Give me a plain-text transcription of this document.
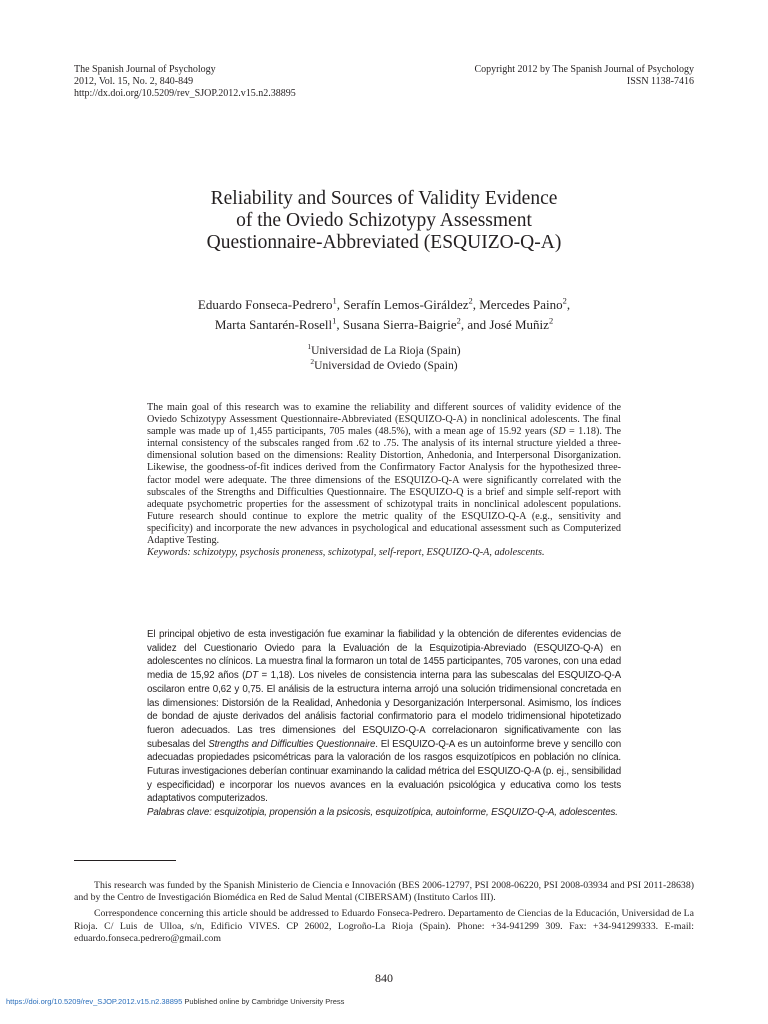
The Spanish Journal of Psychology
2012, Vol. 15, No. 2, 840-849
http://dx.doi.org/10.5209/rev_SJOP.2012.v15.n2.38895
Copyright 2012 by The Spanish Journal of Psychology
ISSN 1138-7416
Reliability and Sources of Validity Evidence
of the Oviedo Schizotypy Assessment
Questionnaire-Abbreviated (ESQUIZO-Q-A)
Eduardo Fonseca-Pedrero$^1$, Serafín Lemos-Giráldez$^2$, Mercedes Paino$^2$,
Marta Santarén-Rosell$^1$, Susana Sierra-Baigrie$^2$, and José Muñiz$^2$
$^1$Universidad de La Rioja (Spain)
$^2$Universidad de Oviedo (Spain)
The main goal of this research was to examine the reliability and different sources of validity evidence of the Oviedo Schizotypy Assessment Questionnaire-Abbreviated (ESQUIZO-Q-A) in nonclinical adolescents. The final sample was made up of 1,455 participants, 705 males (48.5%), with a mean age of 15.92 years (SD = 1.18). The internal consistency of the subscales ranged from .62 to .75. The analysis of its internal structure yielded a three-dimensional solution based on the dimensions: Reality Distortion, Anhedonia, and Interpersonal Disorganization. Likewise, the goodness-of-fit indices derived from the Confirmatory Factor Analysis for the hypothesized three-factor model were adequate. The three dimensions of the ESQUIZO-Q-A were significantly correlated with the subscales of the Strengths and Difficulties Questionnaire. The ESQUIZO-Q is a brief and simple self-report with adequate psychometric properties for the assessment of schizotypal traits in nonclinical adolescent populations. Future research should continue to explore the metric quality of the ESQUIZO-Q-A (e.g., sensitivity and specificity) and incorporate the new advances in psychological and educational assessment such as Computerized Adaptive Testing.
Keywords: schizotypy, psychosis proneness, schizotypal, self-report, ESQUIZO-Q-A, adolescents.
El principal objetivo de esta investigación fue examinar la fiabilidad y la obtención de diferentes evidencias de validez del Cuestionario Oviedo para la Evaluación de la Esquizotipia-Abreviado (ESQUIZO-Q-A) en adolescentes no clínicos. La muestra final la formaron un total de 1455 participantes, 705 varones, con una edad media de 15,92 años (DT = 1,18). Los niveles de consistencia interna para las subescalas del ESQUIZO-Q-A oscilaron entre 0,62 y 0,75. El análisis de la estructura interna arrojó una solución tridimensional concretada en las dimensiones: Distorsión de la Realidad, Anhedonia y Desorganización Interpersonal. Asimismo, los índices de bondad de ajuste derivados del análisis factorial confirmatorio para el modelo tridimensional hipotetizado fueron adecuados. Las tres dimensiones del ESQUIZO-Q-A correlacionaron significativamente con las subesalas del Strengths and Difficulties Questionnaire. El ESQUIZO-Q-A es un autoinforme breve y sencillo con adecuadas propiedades psicométricas para la valoración de los rasgos esquizotípicos en población no clínica. Futuras investigaciones deberían continuar examinando la calidad métrica del ESQUIZO-Q-A (p. ej., sensibilidad y especificidad) e incorporar los nuevos avances en la evaluación psicológica y educativa como los tests adaptativos computerizados.
Palabras clave: esquizotipia, propensión a la psicosis, esquizotípica, autoinforme, ESQUIZO-Q-A, adolescentes.

This research was funded by the Spanish Ministerio de Ciencia e Innovación (BES 2006-12797, PSI 2008-06220, PSI 2008-03934 and PSI 2011-28638) and by the Centro de Investigación Biomédica en Red de Salud Mental (CIBERSAM) (Instituto Carlos III).

Correspondence concerning this article should be addressed to Eduardo Fonseca-Pedrero. Departamento de Ciencias de la Educación, Universidad de La Rioja. C/ Luis de Ulloa, s/n, Edificio VIVES. CP 26002, Logroño-La Rioja (Spain). Phone: +34-941299 309. Fax: +34-941299333. E-mail: eduardo.fonseca.pedrero@gmail.com

840
https://doi.org/10.5209/rev_SJOP.2012.v15.n2.38895 Published online by Cambridge University Press
